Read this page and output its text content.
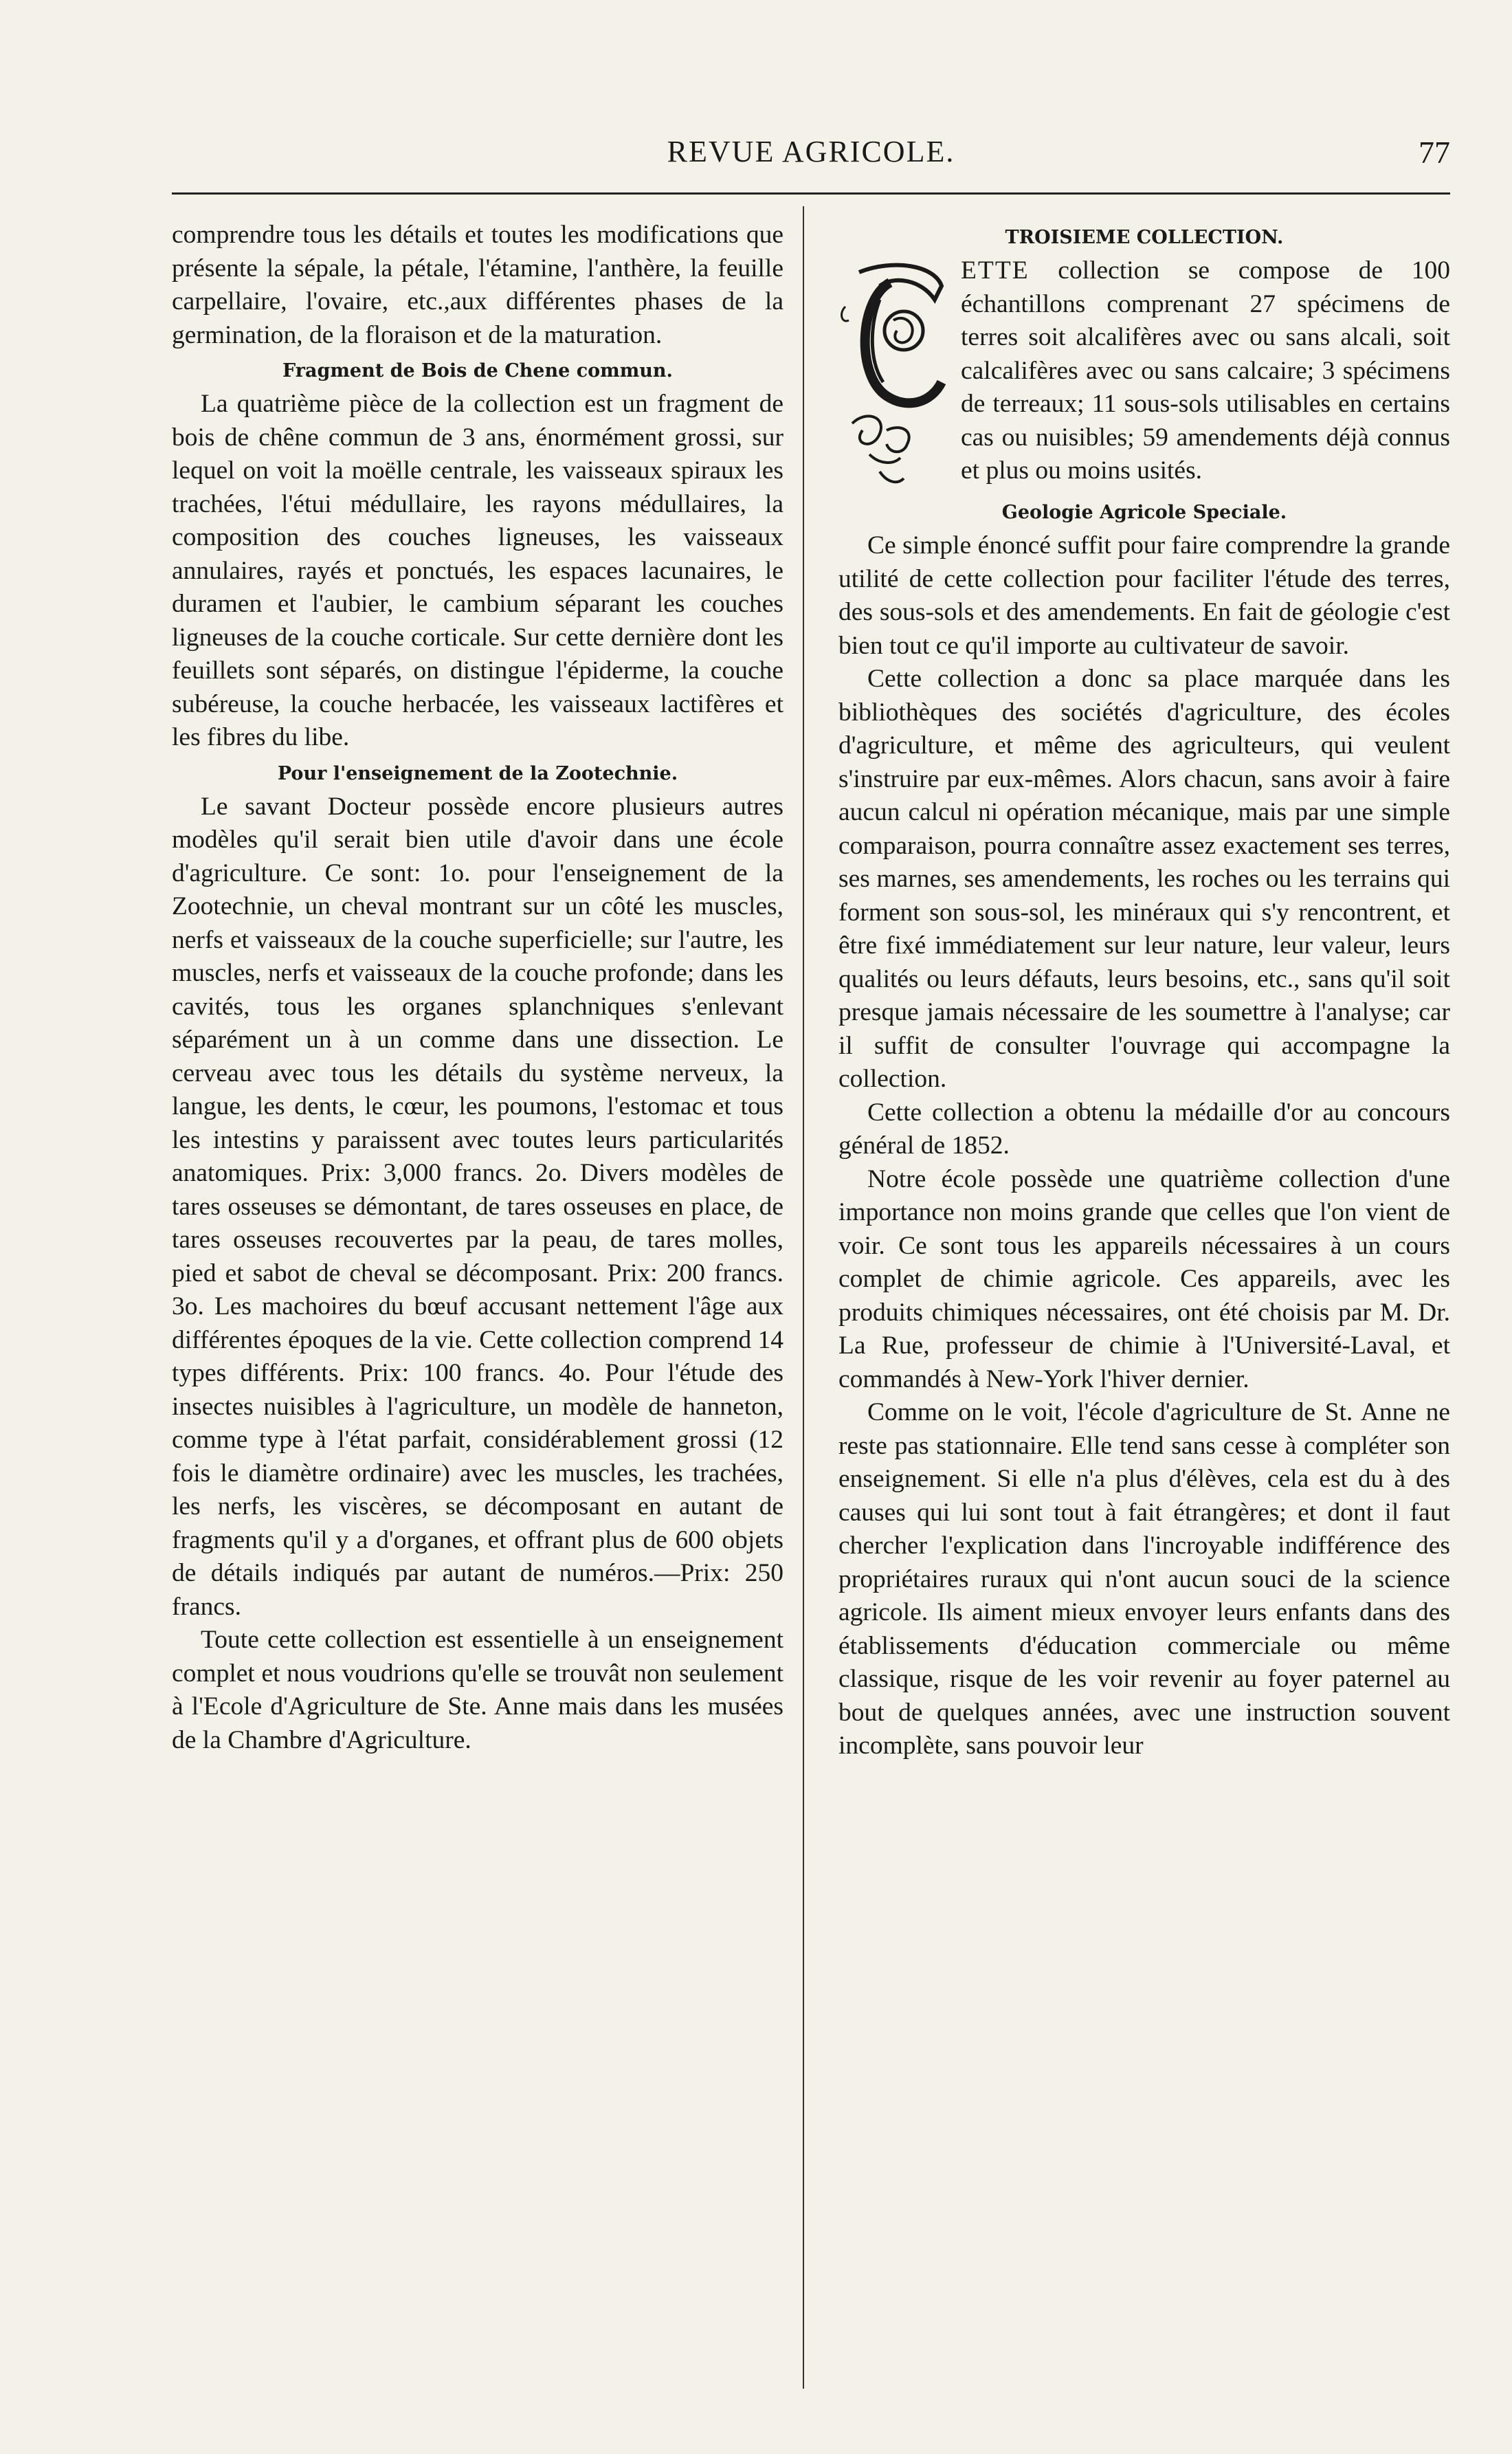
REVUE AGRICOLE.	77

comprendre tous les détails et toutes les modifications que présente la sépale, la pétale, l'étamine, l'anthère, la feuille carpellaire, l'ovaire, etc.,aux différentes phases de la germination, de la floraison et de la maturation.

Fragment de Bois de Chene commun.

La quatrième pièce de la collection est un fragment de bois de chêne commun de 3 ans, énormément grossi, sur lequel on voit la moëlle centrale, les vaisseaux spiraux les trachées, l'étui médullaire, les rayons médullaires, la composition des couches ligneuses, les vaisseaux annulaires, rayés et ponctués, les espaces lacunaires, le duramen et l'aubier, le cambium séparant les couches ligneuses de la couche corticale. Sur cette dernière dont les feuillets sont séparés, on distingue l'épiderme, la couche subéreuse, la couche herbacée, les vaisseaux lactifères et les fibres du libe.

Pour l'enseignement de la Zootechnie.

Le savant Docteur possède encore plusieurs autres modèles qu'il serait bien utile d'avoir dans une école d'agriculture. Ce sont: 1o. pour l'enseignement de la Zootechnie, un cheval montrant sur un côté les muscles, nerfs et vaisseaux de la couche superficielle; sur l'autre, les muscles, nerfs et vaisseaux de la couche profonde; dans les cavités, tous les organes splanchniques s'enlevant séparément un à un comme dans une dissection. Le cerveau avec tous les détails du système nerveux, la langue, les dents, le cœur, les poumons, l'estomac et tous les intestins y paraissent avec toutes leurs particularités anatomiques. Prix: 3,000 francs. 2o. Divers modèles de tares osseuses se démontant, de tares osseuses en place, de tares osseuses recouvertes par la peau, de tares molles, pied et sabot de cheval se décomposant. Prix: 200 francs. 3o. Les machoires du bœuf accusant nettement l'âge aux différentes époques de la vie. Cette collection comprend 14 types différents. Prix: 100 francs. 4o. Pour l'étude des insectes nuisibles à l'agriculture, un modèle de hanneton, comme type à l'état parfait, considérablement grossi (12 fois le diamètre ordinaire) avec les muscles, les trachées, les nerfs, les viscères, se décomposant en autant de fragments qu'il y a d'organes, et offrant plus de 600 objets de détails indiqués par autant de numéros.—Prix: 250 francs.

Toute cette collection est essentielle à un enseignement complet et nous voudrions qu'elle se trouvât non seulement à l'Ecole d'Agriculture de Ste. Anne mais dans les musées de la Chambre d'Agriculture.

TROISIEME COLLECTION.

ETTE collection se compose de 100 échantillons comprenant 27 spécimens de terres soit alcalifères avec ou sans alcali, soit calcalifères avec ou sans calcaire; 3 spécimens de terreaux; 11 sous-sols utilisables en certains cas ou nuisibles; 59 amendements déjà connus et plus ou moins usités.

Geologie Agricole Speciale.

Ce simple énoncé suffit pour faire comprendre la grande utilité de cette collection pour faciliter l'étude des terres, des sous-sols et des amendements. En fait de géologie c'est bien tout ce qu'il importe au cultivateur de savoir.

Cette collection a donc sa place marquée dans les bibliothèques des sociétés d'agriculture, des écoles d'agriculture, et même des agriculteurs, qui veulent s'instruire par eux-mêmes. Alors chacun, sans avoir à faire aucun calcul ni opération mécanique, mais par une simple comparaison, pourra connaître assez exactement ses terres, ses marnes, ses amendements, les roches ou les terrains qui forment son sous-sol, les minéraux qui s'y rencontrent, et être fixé immédiatement sur leur nature, leur valeur, leurs qualités ou leurs défauts, leurs besoins, etc., sans qu'il soit presque jamais nécessaire de les soumettre à l'analyse; car il suffit de consulter l'ouvrage qui accompagne la collection.

Cette collection a obtenu la médaille d'or au concours général de 1852.

Notre école possède une quatrième collection d'une importance non moins grande que celles que l'on vient de voir. Ce sont tous les appareils nécessaires à un cours complet de chimie agricole. Ces appareils, avec les produits chimiques nécessaires, ont été choisis par M. Dr. La Rue, professeur de chimie à l'Université-Laval, et commandés à New-York l'hiver dernier.

Comme on le voit, l'école d'agriculture de St. Anne ne reste pas stationnaire. Elle tend sans cesse à compléter son enseignement. Si elle n'a plus d'élèves, cela est du à des causes qui lui sont tout à fait étrangères; et dont il faut chercher l'explication dans l'incroyable indifférence des propriétaires ruraux qui n'ont aucun souci de la science agricole. Ils aiment mieux envoyer leurs enfants dans des établissements d'éducation commerciale ou même classique, risque de les voir revenir au foyer paternel au bout de quelques années, avec une instruction souvent incomplète, sans pouvoir leur
